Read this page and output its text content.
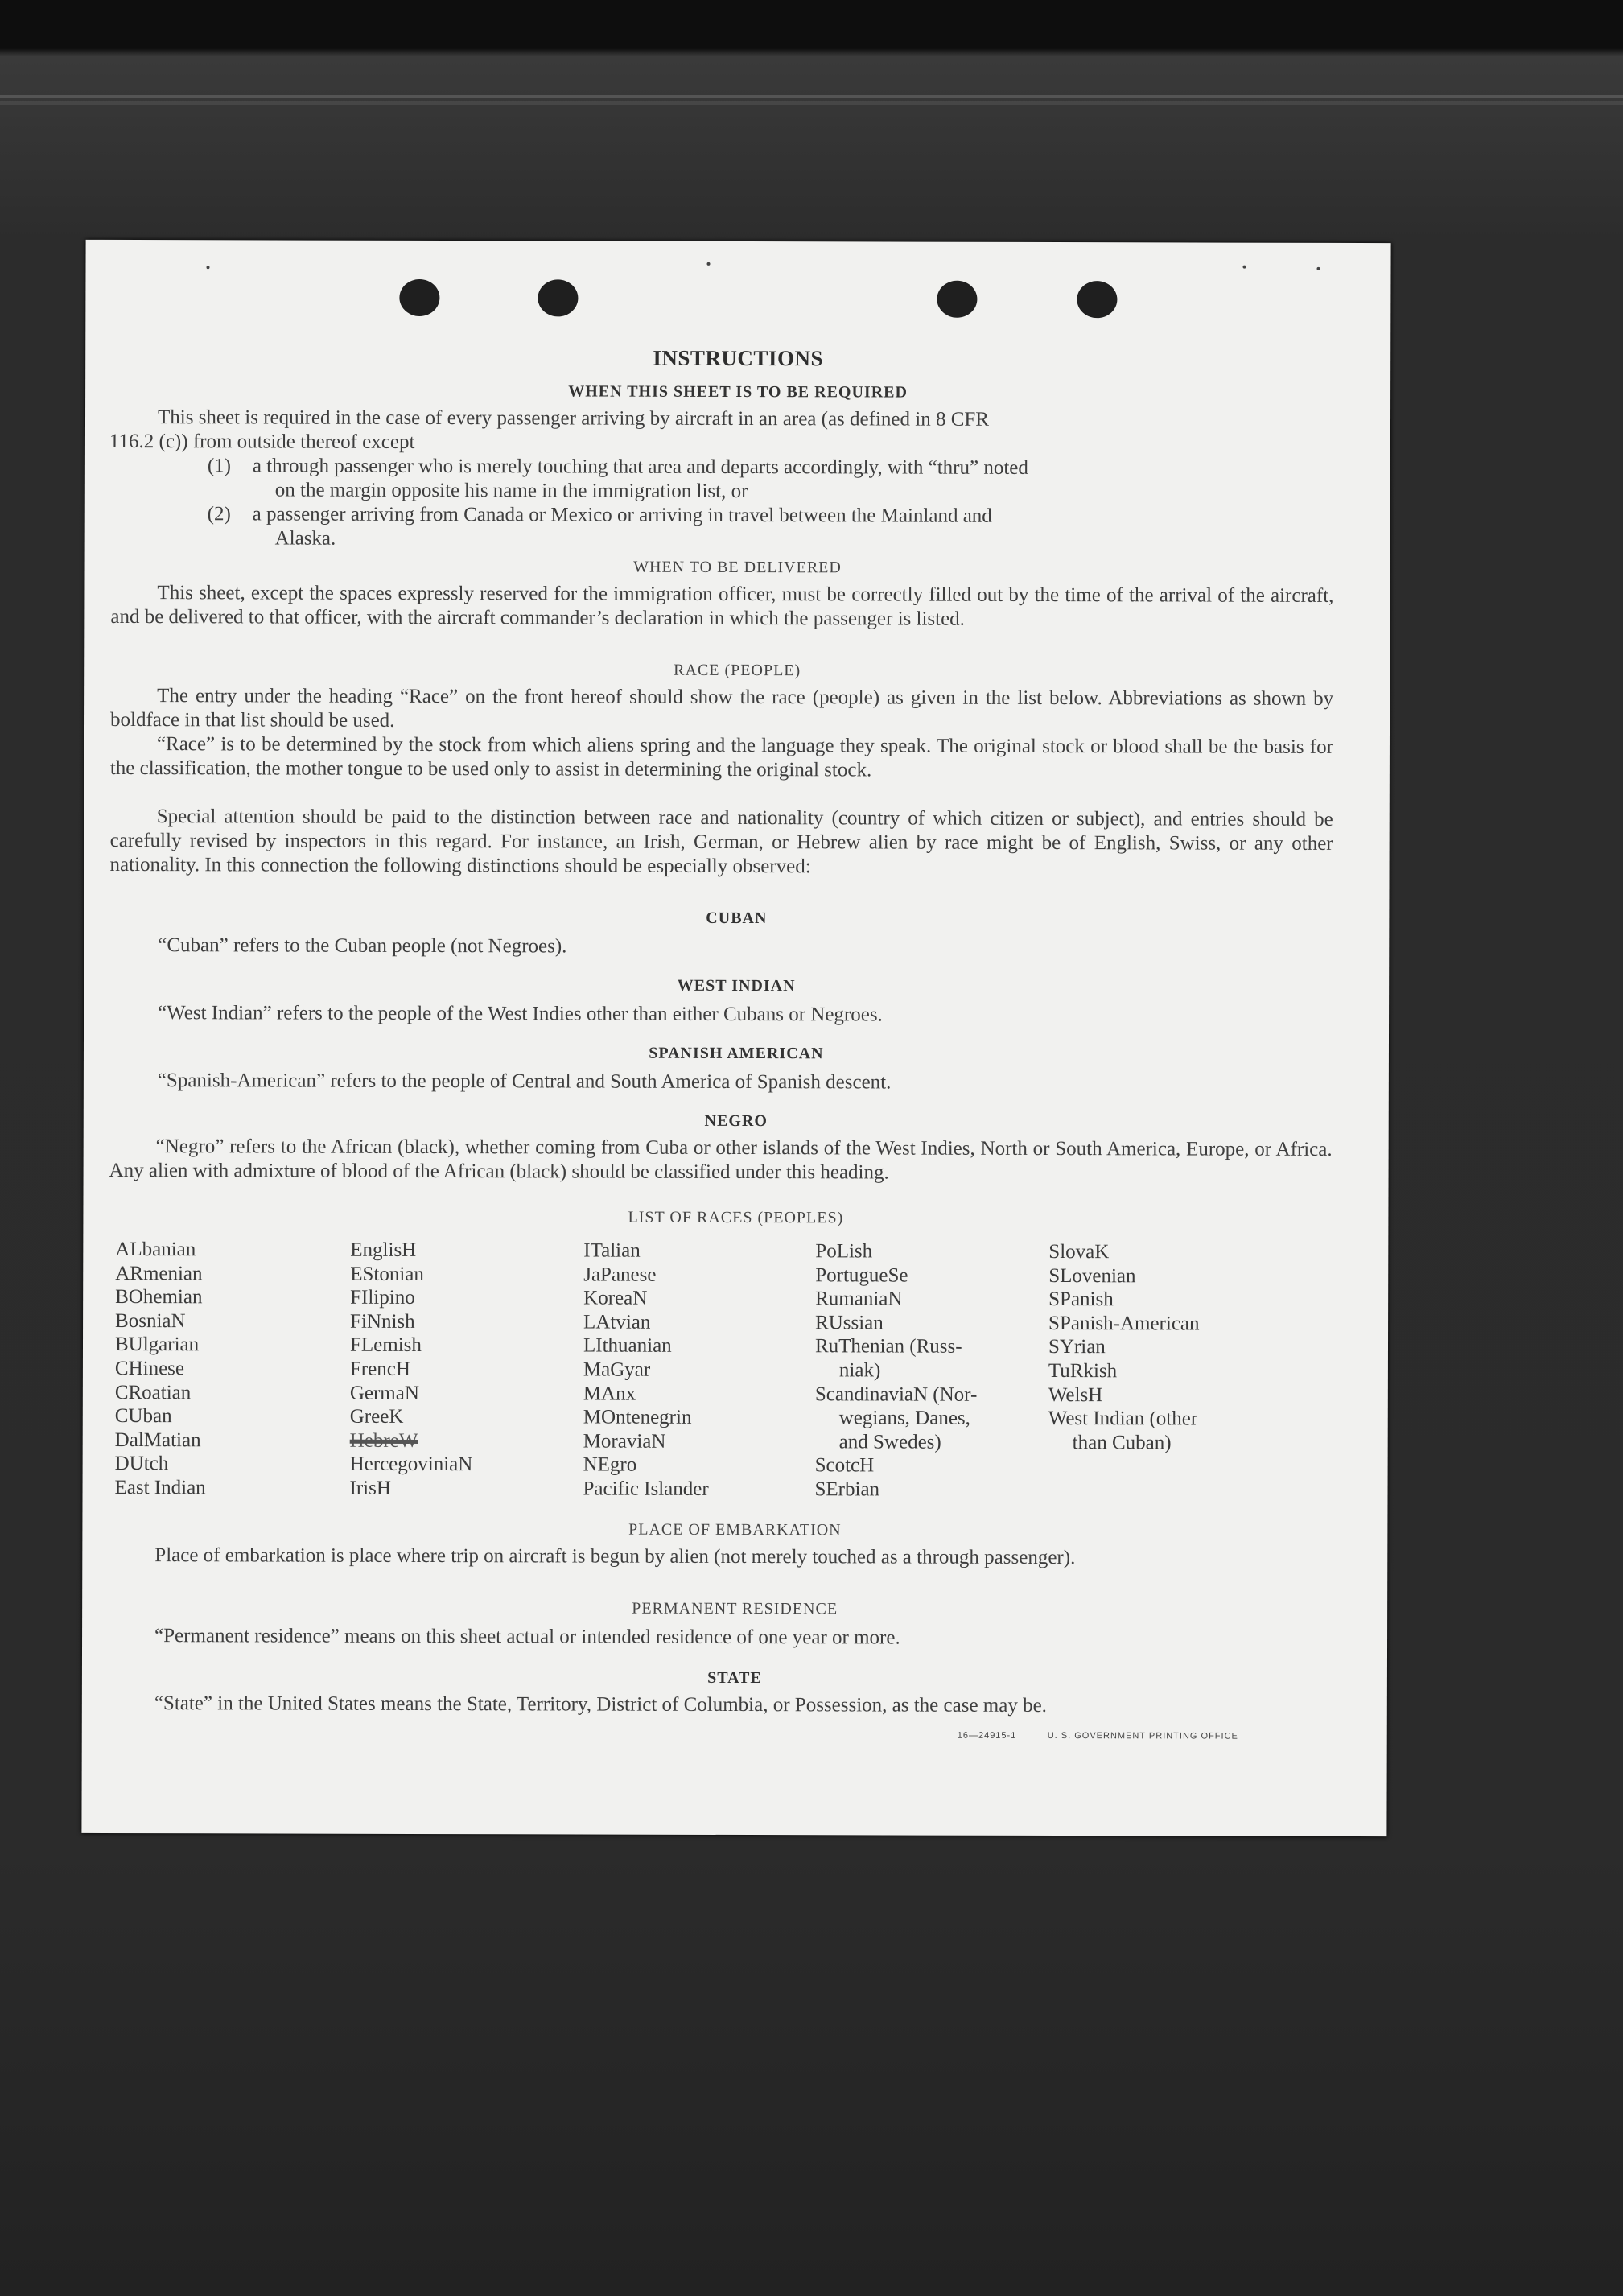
INSTRUCTIONS
WHEN THIS SHEET IS TO BE REQUIRED
This sheet is required in the case of every passenger arriving by aircraft in an area (as defined in 8 CFR
116.2 (c)) from outside thereof except
(1) a through passenger who is merely touching that area and departs accordingly, with “thru” noted
on the margin opposite his name in the immigration list, or
(2) a passenger arriving from Canada or Mexico or arriving in travel between the Mainland and
Alaska.
WHEN TO BE DELIVERED
This sheet, except the spaces expressly reserved for the immigration officer, must be correctly filled out by the time of the arrival of the aircraft, and be delivered to that officer, with the aircraft commander’s declaration in which the passenger is listed.
RACE (PEOPLE)
The entry under the heading “Race” on the front hereof should show the race (people) as given in the list below. Abbreviations as shown by boldface in that list should be used.
“Race” is to be determined by the stock from which aliens spring and the language they speak. The original stock or blood shall be the basis for the classification, the mother tongue to be used only to assist in determining the original stock.
Special attention should be paid to the distinction between race and nationality (country of which citizen or subject), and entries should be carefully revised by inspectors in this regard. For instance, an Irish, German, or Hebrew alien by race might be of English, Swiss, or any other nationality. In this connection the following distinctions should be especially observed:
CUBAN
“Cuban” refers to the Cuban people (not Negroes).
WEST INDIAN
“West Indian” refers to the people of the West Indies other than either Cubans or Negroes.
SPANISH AMERICAN
“Spanish-American” refers to the people of Central and South America of Spanish descent.
NEGRO
“Negro” refers to the African (black), whether coming from Cuba or other islands of the West Indies, North or South America, Europe, or Africa. Any alien with admixture of blood of the African (black) should be classified under this heading.
LIST OF RACES (PEOPLES)
ALbanian
ARmenian
BOhemian
BosniaN
BUlgarian
CHinese
CRoatian
CUban
DalMatian
DUtch
East Indian
EnglisH
EStonian
FIlipino
FiNnish
FLemish
FrencH
GermaN
GreeK
HebreW
HercegoviniaN
IrisH
ITalian
JaPanese
KoreaN
LAtvian
LIthuanian
MaGyar
MAnx
MOntenegrin
MoraviaN
NEgro
Pacific Islander
PoLish
PortugueSe
RumaniaN
RUssian
RuThenian (Russ-
niak)
ScandinaviaN (Nor-
wegians, Danes,
and Swedes)
ScotcH
SErbian
SlovaK
SLovenian
SPanish
SPanish-American
SYrian
TuRkish
WelsH
West Indian (other
than Cuban)
PLACE OF EMBARKATION
Place of embarkation is place where trip on aircraft is begun by alien (not merely touched as a through passenger).
PERMANENT RESIDENCE
“Permanent residence” means on this sheet actual or intended residence of one year or more.
STATE
“State” in the United States means the State, Territory, District of Columbia, or Possession, as the case may be.
16—24915-1	U. S. GOVERNMENT PRINTING OFFICE
